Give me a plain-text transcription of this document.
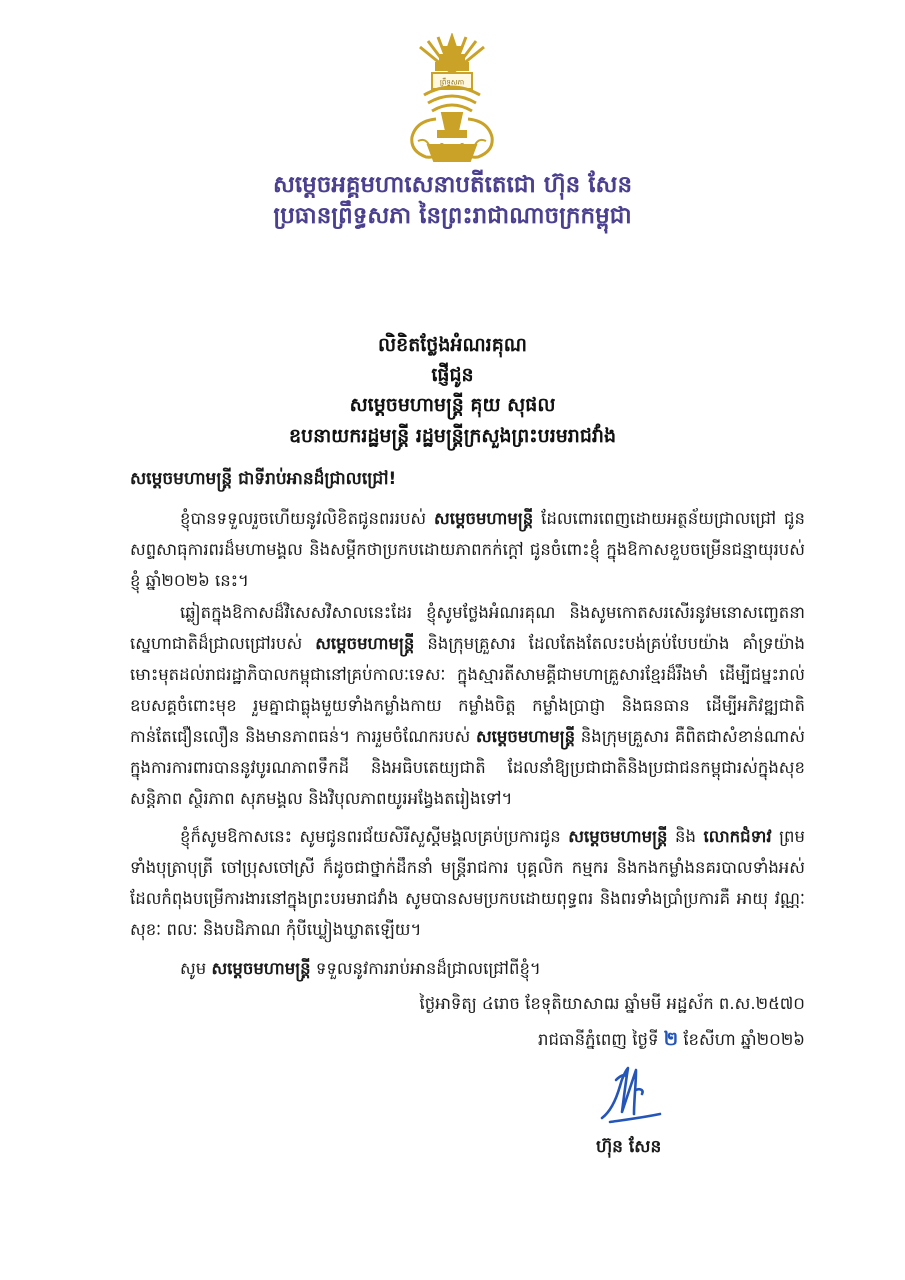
ព្រឹទ្ធសភា
សម្តេចអគ្គមហាសេនាបតីតេជោ ហ៊ុន សែន
ប្រធានព្រឹទ្ធសភា នៃព្រះរាជាណាចក្រកម្ពុជា
លិខិតថ្លែងអំណរគុណ
ផ្ញើជូន
សម្តេចមហាមន្ត្រី គុយ សុផល
ឧបនាយករដ្ឋមន្ត្រី រដ្ឋមន្ត្រីក្រសួងព្រះបរមរាជវាំង
សម្តេចមហាមន្ត្រី ជាទីរាប់អានដ៏ជ្រាលជ្រៅ!
ខ្ញុំបានទទួលរួចហើយនូវលិខិតជូនពររបស់ សម្តេចមហាមន្ត្រី ដែលពោរពេញដោយអត្ថន័យជ្រាលជ្រៅ ជូនសព្ទសាធុការពរដ៏មហាមង្គល និងសម្តីកថាប្រកបដោយភាពកក់ក្តៅ ជូនចំពោះខ្ញុំ ក្នុងឱកាសខួបចម្រើនជន្មាយុរបស់ខ្ញុំ ឆ្នាំ២០២៦ នេះ។
ឆ្លៀតក្នុងឱកាសដ៏វិសេសវិសាលនេះដែរ ខ្ញុំសូមថ្លែងអំណរគុណ និងសូមកោតសរសើរនូវមនោសញ្ចេតនាស្នេហាជាតិដ៏ជ្រាលជ្រៅរបស់ សម្តេចមហាមន្ត្រី និងក្រុមគ្រួសារ ដែលតែងតែលះបង់គ្រប់បែបយ៉ាង គាំទ្រយ៉ាងមោះមុតដល់រាជរដ្ឋាភិបាលកម្ពុជានៅគ្រប់កាលៈទេសៈ ក្នុងស្មារតីសាមគ្គីជាមហាគ្រួសារខ្មែរដ៏រឹងមាំ ដើម្បីជម្នះរាល់ឧបសគ្គចំពោះមុខ រួមគ្នាជាធ្លុងមួយទាំងកម្លាំងកាយ កម្លាំងចិត្ត កម្លាំងប្រាជ្ញា និងធនធាន ដើម្បីអភិវឌ្ឍជាតិកាន់តែជឿនលឿន និងមានភាពធន់។ ការរួមចំណែករបស់ សម្តេចមហាមន្ត្រី និងក្រុមគ្រួសារ គឺពិតជាសំខាន់ណាស់ ក្នុងការការពារបាននូវបូរណភាពទឹកដី និងអធិបតេយ្យជាតិ ដែលនាំឱ្យប្រជាជាតិនិងប្រជាជនកម្ពុជារស់ក្នុងសុខសន្តិភាព ស្ថិរភាព សុភមង្គល និងវិបុលភាពយូរអង្វែងតរៀងទៅ។
ខ្ញុំក៏សូមឱកាសនេះ សូមជូនពរជ័យសិរីសួស្តីមង្គលគ្រប់ប្រការជូន សម្តេចមហាមន្ត្រី និង លោកជំទាវ ព្រមទាំងបុត្រាបុត្រី ចៅប្រុសចៅស្រី ក៏ដូចជាថ្នាក់ដឹកនាំ មន្ត្រីរាជការ បុគ្គលិក កម្មករ និងកងកម្លាំងនគរបាលទាំងអស់ ដែលកំពុងបម្រើការងារនៅក្នុងព្រះបរមរាជវាំង សូមបានសមប្រកបដោយពុទ្ធពរ និងពរទាំងប្រាំប្រការគឺ អាយុ វណ្ណៈ សុខៈ ពលៈ និងបដិភាណ កុំបីឃ្លៀងឃ្លាតឡើយ។
សូម សម្តេចមហាមន្ត្រី ទទួលនូវការរាប់អានដ៏ជ្រាលជ្រៅពីខ្ញុំ។
ថ្ងៃអាទិត្យ ៤រោច ខែទុតិយាសាឍ ឆ្នាំមមី អដ្ឋស័ក ព.ស.២៥៧០
រាជធានីភ្នំពេញ ថ្ងៃទី ២ ខែសីហា ឆ្នាំ២០២៦
ហ៊ុន សែន
